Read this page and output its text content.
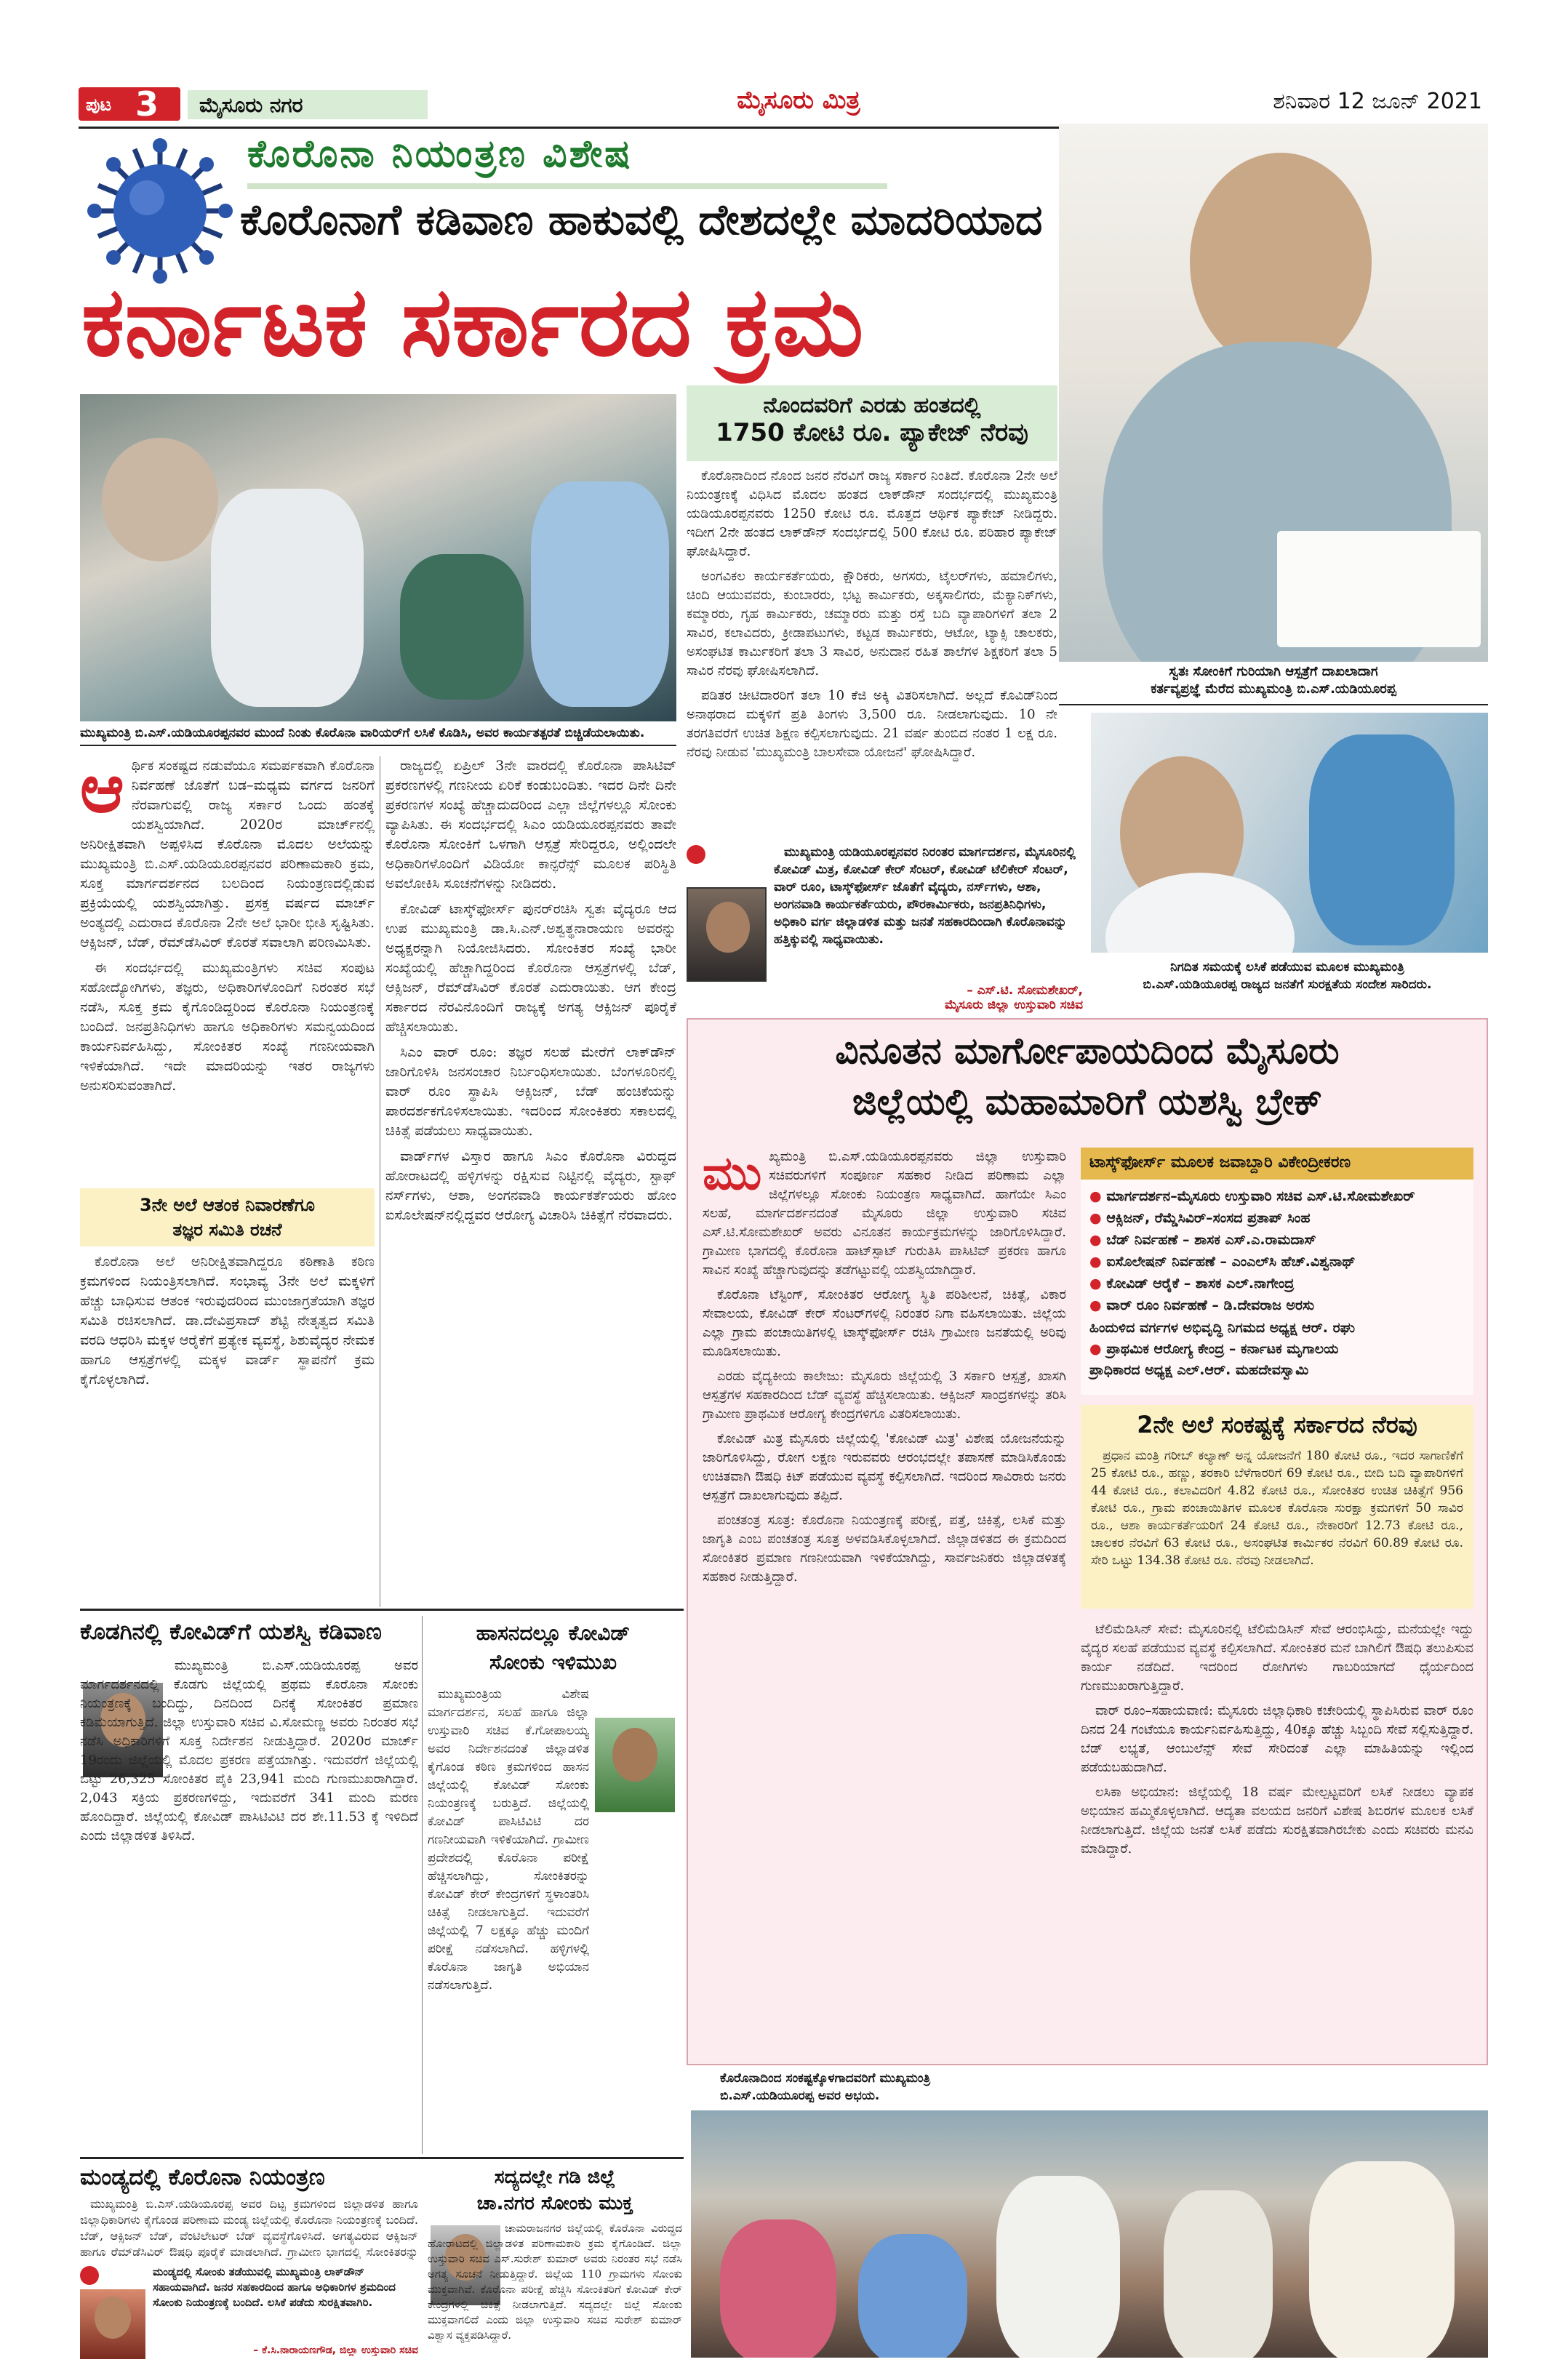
ಪುಟ 3	ಮೈಸೂರು ನಗರ	ಮೈಸೂರು ಮಿತ್ರ	ಶನಿವಾರ 12 ಜೂನ್ 2021
ಕೊರೊನಾ ನಿಯಂತ್ರಣ ವಿಶೇಷ
ಕೊರೊನಾಗೆ ಕಡಿವಾಣ ಹಾಕುವಲ್ಲಿ ದೇಶದಲ್ಲೇ ಮಾದರಿಯಾದ
ಕರ್ನಾಟಕ ಸರ್ಕಾರದ ಕ್ರಮ
ಸ್ವತಃ ಸೋಂಕಿಗೆ ಗುರಿಯಾಗಿ ಆಸ್ಪತ್ರೆಗೆ ದಾಖಲಾದಾಗ
ಕರ್ತವ್ಯಪ್ರಜ್ಞೆ ಮೆರೆದ ಮುಖ್ಯಮಂತ್ರಿ ಬಿ.ಎಸ್.ಯಡಿಯೂರಪ್ಪ
ಮುಖ್ಯಮಂತ್ರಿ ಬಿ.ಎಸ್.ಯಡಿಯೂರಪ್ಪನವರ ಮುಂದೆ ನಿಂತು ಕೊರೊನಾ ವಾರಿಯರ್‌ಗೆ ಲಸಿಕೆ ಕೊಡಿಸಿ, ಅವರ ಕಾರ್ಯತತ್ಪರತೆ ಬಿಚ್ಚಿಡೆಯಲಾಯಿತು.
ನೊಂದವರಿಗೆ ಎರಡು ಹಂತದಲ್ಲಿ
1750 ಕೋಟಿ ರೂ. ಪ್ಯಾಕೇಜ್ ನೆರವು

ಕೊರೊನಾದಿಂದ ನೊಂದ ಜನರ ನೆರವಿಗೆ ರಾಜ್ಯ ಸರ್ಕಾರ ನಿಂತಿದೆ. ಕೊರೊನಾ 2ನೇ ಅಲೆ ನಿಯಂತ್ರಣಕ್ಕೆ ವಿಧಿಸಿದ ಮೊದಲ ಹಂತದ ಲಾಕ್‌ಡೌನ್ ಸಂದರ್ಭದಲ್ಲಿ ಮುಖ್ಯಮಂತ್ರಿ ಯಡಿಯೂರಪ್ಪನವರು 1250 ಕೋಟಿ ರೂ. ಮೊತ್ತದ ಆರ್ಥಿಕ ಪ್ಯಾಕೇಜ್ ನೀಡಿದ್ದರು. ಇದೀಗ 2ನೇ ಹಂತದ ಲಾಕ್‌ಡೌನ್ ಸಂದರ್ಭದಲ್ಲಿ 500 ಕೋಟಿ ರೂ. ಪರಿಹಾರ ಪ್ಯಾಕೇಜ್ ಘೋಷಿಸಿದ್ದಾರೆ.

ಅಂಗವಿಕಲ ಕಾರ್ಯಕರ್ತೆಯರು, ಕ್ಷೌರಿಕರು, ಅಗಸರು, ಟೈಲರ್‌ಗಳು, ಹಮಾಲಿಗಳು, ಚಿಂದಿ ಆಯುವವರು, ಕುಂಬಾರರು, ಭಟ್ಟ ಕಾರ್ಮಿಕರು, ಅಕ್ಕಸಾಲಿಗರು, ಮೆಕ್ಯಾನಿಕ್‌ಗಳು, ಕಮ್ಮಾರರು, ಗೃಹ ಕಾರ್ಮಿಕರು, ಚಮ್ಮಾರರು ಮತ್ತು ರಸ್ತೆ ಬದಿ ವ್ಯಾಪಾರಿಗಳಿಗೆ ತಲಾ 2 ಸಾವಿರ, ಕಲಾವಿದರು, ಕ್ರೀಡಾಪಟುಗಳು, ಕಟ್ಟಡ ಕಾರ್ಮಿಕರು, ಆಟೋ, ಟ್ಯಾಕ್ಸಿ ಚಾಲಕರು, ಅಸಂಘಟಿತ ಕಾರ್ಮಿಕರಿಗೆ ತಲಾ 3 ಸಾವಿರ, ಅನುದಾನ ರಹಿತ ಶಾಲೆಗಳ ಶಿಕ್ಷಕರಿಗೆ ತಲಾ 5 ಸಾವಿರ ನೆರವು ಘೋಷಿಸಲಾಗಿದೆ.

ಪಡಿತರ ಚೀಟಿದಾರರಿಗೆ ತಲಾ 10 ಕೆಜಿ ಅಕ್ಕಿ ವಿತರಿಸಲಾಗಿದೆ. ಅಲ್ಲದೆ ಕೊವಿಡ್‌ನಿಂದ ಅನಾಥರಾದ ಮಕ್ಕಳಿಗೆ ಪ್ರತಿ ತಿಂಗಳು 3,500 ರೂ. ನೀಡಲಾಗುವುದು. 10 ನೇ ತರಗತಿವರೆಗೆ ಉಚಿತ ಶಿಕ್ಷಣ ಕಲ್ಪಿಸಲಾಗುವುದು. 21 ವರ್ಷ ತುಂಬಿದ ನಂತರ 1 ಲಕ್ಷ ರೂ. ನೆರವು ನೀಡುವ 'ಮುಖ್ಯಮಂತ್ರಿ ಬಾಲಸೇವಾ ಯೋಜನೆ' ಘೋಷಿಸಿದ್ದಾರೆ.

ನಿಗದಿತ ಸಮಯಕ್ಕೆ ಲಸಿಕೆ ಪಡೆಯುವ ಮೂಲಕ ಮುಖ್ಯಮಂತ್ರಿ
ಬಿ.ಎಸ್.ಯಡಿಯೂರಪ್ಪ ರಾಜ್ಯದ ಜನತೆಗೆ ಸುರಕ್ಷತೆಯ ಸಂದೇಶ ಸಾರಿದರು.
ಮುಖ್ಯಮಂತ್ರಿ ಯಡಿಯೂರಪ್ಪನವರ ನಿರಂತರ ಮಾರ್ಗದರ್ಶನ, ಮೈಸೂರಿನಲ್ಲಿ ಕೋವಿಡ್ ಮಿತ್ರ, ಕೋವಿಡ್ ಕೇರ್ ಸೆಂಟರ್, ಕೋವಿಡ್ ಟೆಲಿಕೇರ್ ಸೆಂಟರ್, ವಾರ್ ರೂಂ, ಟಾಸ್ಕ್‌ಫೋರ್ಸ್ ಜೊತೆಗೆ ವೈದ್ಯರು, ನರ್ಸ್‌ಗಳು, ಆಶಾ, ಅಂಗನವಾಡಿ ಕಾರ್ಯಕರ್ತೆಯರು, ಪೌರಕಾರ್ಮಿಕರು, ಜನಪ್ರತಿನಿಧಿಗಳು, ಅಧಿಕಾರಿ ವರ್ಗ ಜಿಲ್ಲಾಡಳಿತ ಮತ್ತು ಜನತೆ ಸಹಕಾರದಿಂದಾಗಿ ಕೊರೊನಾವನ್ನು ಹತ್ತಿಕ್ಕುವಲ್ಲಿ ಸಾಧ್ಯವಾಯಿತು.
– ಎಸ್.ಟಿ. ಸೋಮಶೇಖರ್,
ಮೈಸೂರು ಜಿಲ್ಲಾ ಉಸ್ತುವಾರಿ ಸಚಿವ
ಆ ರ್ಥಿಕ ಸಂಕಷ್ಟದ ನಡುವೆಯೂ ಸಮರ್ಪಕವಾಗಿ ಕೊರೊನಾ ನಿರ್ವಹಣೆ ಜೊತೆಗೆ ಬಡ–ಮಧ್ಯಮ ವರ್ಗದ ಜನರಿಗೆ ನೆರವಾಗುವಲ್ಲಿ ರಾಜ್ಯ ಸರ್ಕಾರ ಒಂದು ಹಂತಕ್ಕೆ ಯಶಸ್ವಿಯಾಗಿದೆ. 2020ರ ಮಾರ್ಚ್‌ನಲ್ಲಿ ಅನಿರೀಕ್ಷಿತವಾಗಿ ಅಪ್ಪಳಿಸಿದ ಕೊರೊನಾ ಮೊದಲ ಅಲೆಯನ್ನು ಮುಖ್ಯಮಂತ್ರಿ ಬಿ.ಎಸ್.ಯಡಿಯೂರಪ್ಪನವರ ಪರಿಣಾಮಕಾರಿ ಕ್ರಮ, ಸೂಕ್ತ ಮಾರ್ಗದರ್ಶನದ ಬಲದಿಂದ ನಿಯಂತ್ರಣದಲ್ಲಿಡುವ ಪ್ರಕ್ರಿಯೆಯಲ್ಲಿ ಯಶಸ್ವಿಯಾಗಿತ್ತು. ಪ್ರಸಕ್ತ ವರ್ಷದ ಮಾರ್ಚ್ ಅಂತ್ಯದಲ್ಲಿ ಎದುರಾದ ಕೊರೊನಾ 2ನೇ ಅಲೆ ಭಾರೀ ಭೀತಿ ಸೃಷ್ಟಿಸಿತು. ಆಕ್ಸಿಜನ್, ಬೆಡ್, ರೆಮ್‌ಡೆಸಿವಿರ್ ಕೊರತೆ ಸವಾಲಾಗಿ ಪರಿಣಮಿಸಿತು.

ಈ ಸಂದರ್ಭದಲ್ಲಿ ಮುಖ್ಯಮಂತ್ರಿಗಳು ಸಚಿವ ಸಂಪುಟ ಸಹೋದ್ಯೋಗಿಗಳು, ತಜ್ಞರು, ಅಧಿಕಾರಿಗಳೊಂದಿಗೆ ನಿರಂತರ ಸಭೆ ನಡೆಸಿ, ಸೂಕ್ತ ಕ್ರಮ ಕೈಗೊಂಡಿದ್ದರಿಂದ ಕೊರೊನಾ ನಿಯಂತ್ರಣಕ್ಕೆ ಬಂದಿದೆ. ಜನಪ್ರತಿನಿಧಿಗಳು ಹಾಗೂ ಅಧಿಕಾರಿಗಳು ಸಮನ್ವಯದಿಂದ ಕಾರ್ಯನಿರ್ವಹಿಸಿದ್ದು, ಸೋಂಕಿತರ ಸಂಖ್ಯೆ ಗಣನೀಯವಾಗಿ ಇಳಿಕೆಯಾಗಿದೆ. ಇದೇ ಮಾದರಿಯನ್ನು ಇತರ ರಾಜ್ಯಗಳು ಅನುಸರಿಸುವಂತಾಗಿದೆ.

3ನೇ ಅಲೆ ಆತಂಕ ನಿವಾರಣೆಗೂ
ತಜ್ಞರ ಸಮಿತಿ ರಚನೆ
ಕೊರೊನಾ ಅಲೆ ಅನಿರೀಕ್ಷಿತವಾಗಿದ್ದರೂ ಕಠಿಣಾತಿ ಕಠಿಣ ಕ್ರಮಗಳಿಂದ ನಿಯಂತ್ರಿಸಲಾಗಿದೆ. ಸಂಭಾವ್ಯ 3ನೇ ಅಲೆ ಮಕ್ಕಳಿಗೆ ಹೆಚ್ಚು ಬಾಧಿಸುವ ಆತಂಕ ಇರುವುದರಿಂದ ಮುಂಜಾಗ್ರತೆಯಾಗಿ ತಜ್ಞರ ಸಮಿತಿ ರಚಿಸಲಾಗಿದೆ. ಡಾ.ದೇವಿಪ್ರಸಾದ್ ಶೆಟ್ಟಿ ನೇತೃತ್ವದ ಸಮಿತಿ ವರದಿ ಆಧರಿಸಿ ಮಕ್ಕಳ ಆರೈಕೆಗೆ ಪ್ರತ್ಯೇಕ ವ್ಯವಸ್ಥೆ, ಶಿಶುವೈದ್ಯರ ನೇಮಕ ಹಾಗೂ ಆಸ್ಪತ್ರೆಗಳಲ್ಲಿ ಮಕ್ಕಳ ವಾರ್ಡ್ ಸ್ಥಾಪನೆಗೆ ಕ್ರಮ ಕೈಗೊಳ್ಳಲಾಗಿದೆ.

ರಾಜ್ಯದಲ್ಲಿ ಏಪ್ರಿಲ್ 3ನೇ ವಾರದಲ್ಲಿ ಕೊರೊನಾ ಪಾಸಿಟಿವ್ ಪ್ರಕರಣಗಳಲ್ಲಿ ಗಣನೀಯ ಏರಿಕೆ ಕಂಡುಬಂದಿತು. ಇದರ ದಿನೇ ದಿನೇ ಪ್ರಕರಣಗಳ ಸಂಖ್ಯೆ ಹೆಚ್ಚಾದುದರಿಂದ ಎಲ್ಲಾ ಜಿಲ್ಲೆಗಳಲ್ಲೂ ಸೋಂಕು ವ್ಯಾಪಿಸಿತು. ಈ ಸಂದರ್ಭದಲ್ಲಿ ಸಿಎಂ ಯಡಿಯೂರಪ್ಪನವರು ತಾವೇ ಕೊರೊನಾ ಸೋಂಕಿಗೆ ಒಳಗಾಗಿ ಆಸ್ಪತ್ರೆ ಸೇರಿದ್ದರೂ, ಅಲ್ಲಿಂದಲೇ ಅಧಿಕಾರಿಗಳೊಂದಿಗೆ ವಿಡಿಯೋ ಕಾನ್ಫರೆನ್ಸ್ ಮೂಲಕ ಪರಿಸ್ಥಿತಿ ಅವಲೋಕಿಸಿ ಸೂಚನೆಗಳನ್ನು ನೀಡಿದರು.

ಕೋವಿಡ್ ಟಾಸ್ಕ್‌ಫೋರ್ಸ್ ಪುನರ್‌ರಚಿಸಿ ಸ್ವತಃ ವೈದ್ಯರೂ ಆದ ಉಪ ಮುಖ್ಯಮಂತ್ರಿ ಡಾ.ಸಿ.ಎನ್.ಅಶ್ವತ್ಥನಾರಾಯಣ ಅವರನ್ನು ಅಧ್ಯಕ್ಷರನ್ನಾಗಿ ನಿಯೋಜಿಸಿದರು. ಸೋಂಕಿತರ ಸಂಖ್ಯೆ ಭಾರೀ ಸಂಖ್ಯೆಯಲ್ಲಿ ಹೆಚ್ಚಾಗಿದ್ದರಿಂದ ಕೊರೊನಾ ಆಸ್ಪತ್ರೆಗಳಲ್ಲಿ ಬೆಡ್, ಆಕ್ಸಿಜನ್, ರೆಮ್‌ಡೆಸಿವಿರ್ ಕೊರತೆ ಎದುರಾಯಿತು. ಆಗ ಕೇಂದ್ರ ಸರ್ಕಾರದ ನೆರವಿನೊಂದಿಗೆ ರಾಜ್ಯಕ್ಕೆ ಅಗತ್ಯ ಆಕ್ಸಿಜನ್ ಪೂರೈಕೆ ಹೆಚ್ಚಿಸಲಾಯಿತು.

ಸಿಎಂ ವಾರ್ ರೂಂ: ತಜ್ಞರ ಸಲಹೆ ಮೇರೆಗೆ ಲಾಕ್‌ಡೌನ್ ಜಾರಿಗೊಳಿಸಿ ಜನಸಂಚಾರ ನಿರ್ಬಂಧಿಸಲಾಯಿತು. ಬೆಂಗಳೂರಿನಲ್ಲಿ ವಾರ್ ರೂಂ ಸ್ಥಾಪಿಸಿ ಆಕ್ಸಿಜನ್, ಬೆಡ್ ಹಂಚಿಕೆಯನ್ನು ಪಾರದರ್ಶಕಗೊಳಿಸಲಾಯಿತು. ಇದರಿಂದ ಸೋಂಕಿತರು ಸಕಾಲದಲ್ಲಿ ಚಿಕಿತ್ಸೆ ಪಡೆಯಲು ಸಾಧ್ಯವಾಯಿತು.

ವಾರ್ಡ್‌ಗಳ ವಿಸ್ತಾರ ಹಾಗೂ ಸಿಎಂ ಕೊರೊನಾ ವಿರುದ್ಧದ ಹೋರಾಟದಲ್ಲಿ ಹಳ್ಳಿಗಳನ್ನು ರಕ್ಷಿಸುವ ನಿಟ್ಟಿನಲ್ಲಿ ವೈದ್ಯರು, ಸ್ಟಾಫ್ ನರ್ಸ್‌ಗಳು, ಆಶಾ, ಅಂಗನವಾಡಿ ಕಾರ್ಯಕರ್ತೆಯರು ಹೋಂ ಐಸೊಲೇಷನ್‌ನಲ್ಲಿದ್ದವರ ಆರೋಗ್ಯ ವಿಚಾರಿಸಿ ಚಿಕಿತ್ಸೆಗೆ ನೆರವಾದರು.

ವಿನೂತನ ಮಾರ್ಗೋಪಾಯದಿಂದ ಮೈಸೂರು
ಜಿಲ್ಲೆಯಲ್ಲಿ ಮಹಾಮಾರಿಗೆ ಯಶಸ್ವಿ ಬ್ರೇಕ್
ಮು ಖ್ಯಮಂತ್ರಿ ಬಿ.ಎಸ್.ಯಡಿಯೂರಪ್ಪನವರು ಜಿಲ್ಲಾ ಉಸ್ತುವಾರಿ ಸಚಿವರುಗಳಿಗೆ ಸಂಪೂರ್ಣ ಸಹಕಾರ ನೀಡಿದ ಪರಿಣಾಮ ಎಲ್ಲಾ ಜಿಲ್ಲೆಗಳಲ್ಲೂ ಸೋಂಕು ನಿಯಂತ್ರಣ ಸಾಧ್ಯವಾಗಿದೆ. ಹಾಗೆಯೇ ಸಿಎಂ ಸಲಹೆ, ಮಾರ್ಗದರ್ಶನದಂತೆ ಮೈಸೂರು ಜಿಲ್ಲಾ ಉಸ್ತುವಾರಿ ಸಚಿವ ಎಸ್.ಟಿ.ಸೋಮಶೇಖರ್ ಅವರು ವಿನೂತನ ಕಾರ್ಯಕ್ರಮಗಳನ್ನು ಜಾರಿಗೊಳಿಸಿದ್ದಾರೆ. ಗ್ರಾಮೀಣ ಭಾಗದಲ್ಲಿ ಕೊರೊನಾ ಹಾಟ್‌ಸ್ಪಾಟ್ ಗುರುತಿಸಿ ಪಾಸಿಟಿವ್ ಪ್ರಕರಣ ಹಾಗೂ ಸಾವಿನ ಸಂಖ್ಯೆ ಹೆಚ್ಚಾಗುವುದನ್ನು ತಡೆಗಟ್ಟುವಲ್ಲಿ ಯಶಸ್ವಿಯಾಗಿದ್ದಾರೆ.

ಕೊರೊನಾ ಟೆಸ್ಟಿಂಗ್, ಸೋಂಕಿತರ ಆರೋಗ್ಯ ಸ್ಥಿತಿ ಪರಿಶೀಲನೆ, ಚಿಕಿತ್ಸೆ, ವಿಕಾರ ಸೇವಾಲಯ, ಕೋವಿಡ್ ಕೇರ್ ಸೆಂಟರ್‌ಗಳಲ್ಲಿ ನಿರಂತರ ನಿಗಾ ವಹಿಸಲಾಯಿತು. ಜಿಲ್ಲೆಯ ಎಲ್ಲಾ ಗ್ರಾಮ ಪಂಚಾಯಿತಿಗಳಲ್ಲಿ ಟಾಸ್ಕ್‌ಫೋರ್ಸ್ ರಚಿಸಿ ಗ್ರಾಮೀಣ ಜನತೆಯಲ್ಲಿ ಅರಿವು ಮೂಡಿಸಲಾಯಿತು.

ಎರಡು ವೈದ್ಯಕೀಯ ಕಾಲೇಜು: ಮೈಸೂರು ಜಿಲ್ಲೆಯಲ್ಲಿ 3 ಸರ್ಕಾರಿ ಆಸ್ಪತ್ರೆ, ಖಾಸಗಿ ಆಸ್ಪತ್ರೆಗಳ ಸಹಕಾರದಿಂದ ಬೆಡ್ ವ್ಯವಸ್ಥೆ ಹೆಚ್ಚಿಸಲಾಯಿತು. ಆಕ್ಸಿಜನ್ ಸಾಂದ್ರಕಗಳನ್ನು ತರಿಸಿ ಗ್ರಾಮೀಣ ಪ್ರಾಥಮಿಕ ಆರೋಗ್ಯ ಕೇಂದ್ರಗಳಿಗೂ ವಿತರಿಸಲಾಯಿತು.

ಕೋವಿಡ್ ಮಿತ್ರ ಮೈಸೂರು ಜಿಲ್ಲೆಯಲ್ಲಿ 'ಕೋವಿಡ್ ಮಿತ್ರ' ವಿಶೇಷ ಯೋಜನೆಯನ್ನು ಜಾರಿಗೊಳಿಸಿದ್ದು, ರೋಗ ಲಕ್ಷಣ ಇರುವವರು ಆರಂಭದಲ್ಲೇ ತಪಾಸಣೆ ಮಾಡಿಸಿಕೊಂಡು ಉಚಿತವಾಗಿ ಔಷಧಿ ಕಿಟ್ ಪಡೆಯುವ ವ್ಯವಸ್ಥೆ ಕಲ್ಪಿಸಲಾಗಿದೆ. ಇದರಿಂದ ಸಾವಿರಾರು ಜನರು ಆಸ್ಪತ್ರೆಗೆ ದಾಖಲಾಗುವುದು ತಪ್ಪಿದೆ.

ಪಂಚತಂತ್ರ ಸೂತ್ರ: ಕೊರೊನಾ ನಿಯಂತ್ರಣಕ್ಕೆ ಪರೀಕ್ಷೆ, ಪತ್ತೆ, ಚಿಕಿತ್ಸೆ, ಲಸಿಕೆ ಮತ್ತು ಜಾಗೃತಿ ಎಂಬ ಪಂಚತಂತ್ರ ಸೂತ್ರ ಅಳವಡಿಸಿಕೊಳ್ಳಲಾಗಿದೆ. ಜಿಲ್ಲಾಡಳಿತದ ಈ ಕ್ರಮದಿಂದ ಸೋಂಕಿತರ ಪ್ರಮಾಣ ಗಣನೀಯವಾಗಿ ಇಳಿಕೆಯಾಗಿದ್ದು, ಸಾರ್ವಜನಿಕರು ಜಿಲ್ಲಾಡಳಿತಕ್ಕೆ ಸಹಕಾರ ನೀಡುತ್ತಿದ್ದಾರೆ.

ಟಾಸ್ಕ್‌ಫೋರ್ಸ್ ಮೂಲಕ ಜವಾಬ್ದಾರಿ ವಿಕೇಂದ್ರೀಕರಣ
● ಮಾರ್ಗದರ್ಶನ–ಮೈಸೂರು ಉಸ್ತುವಾರಿ ಸಚಿವ ಎಸ್.ಟಿ.ಸೋಮಶೇಖರ್
● ಆಕ್ಸಿಜನ್, ರೆಮ್ಡೆಸಿವಿರ್–ಸಂಸದ ಪ್ರತಾಪ್ ಸಿಂಹ
● ಬೆಡ್ ನಿರ್ವಹಣೆ – ಶಾಸಕ ಎಸ್.ಎ.ರಾಮದಾಸ್
● ಐಸೊಲೇಷನ್ ನಿರ್ವಹಣೆ – ಎಂಎಲ್‌ಸಿ ಹೆಚ್.ವಿಶ್ವನಾಥ್
● ಕೋವಿಡ್ ಆರೈಕೆ – ಶಾಸಕ ಎಲ್.ನಾಗೇಂದ್ರ
● ವಾರ್ ರೂಂ ನಿರ್ವಹಣೆ – ಡಿ.ದೇವರಾಜ ಅರಸು
ಹಿಂದುಳಿದ ವರ್ಗಗಳ ಅಭಿವೃದ್ಧಿ ನಿಗಮದ ಅಧ್ಯಕ್ಷ ಆರ್. ರಘು
● ಪ್ರಾಥಮಿಕ ಆರೋಗ್ಯ ಕೇಂದ್ರ – ಕರ್ನಾಟಕ ಮೃಗಾಲಯ
ಪ್ರಾಧಿಕಾರದ ಅಧ್ಯಕ್ಷ ಎಲ್.ಆರ್. ಮಹದೇವಸ್ವಾಮಿ
2ನೇ ಅಲೆ ಸಂಕಷ್ಟಕ್ಕೆ ಸರ್ಕಾರದ ನೆರವು
ಪ್ರಧಾನ ಮಂತ್ರಿ ಗರೀಬ್ ಕಲ್ಯಾಣ್ ಅನ್ನ ಯೋಜನೆಗೆ 180 ಕೋಟಿ ರೂ., ಇದರ ಸಾಗಾಣಿಕೆಗೆ 25 ಕೋಟಿ ರೂ., ಹಣ್ಣು, ತರಕಾರಿ ಬೆಳೆಗಾರರಿಗೆ 69 ಕೋಟಿ ರೂ., ಬೀದಿ ಬದಿ ವ್ಯಾಪಾರಿಗಳಿಗೆ 44 ಕೋಟಿ ರೂ., ಕಲಾವಿದರಿಗೆ 4.82 ಕೋಟಿ ರೂ., ಸೋಂಕಿತರ ಉಚಿತ ಚಿಕಿತ್ಸೆಗೆ 956 ಕೋಟಿ ರೂ., ಗ್ರಾಮ ಪಂಚಾಯಿತಿಗಳ ಮೂಲಕ ಕೊರೊನಾ ಸುರಕ್ಷಾ ಕ್ರಮಗಳಿಗೆ 50 ಸಾವಿರ ರೂ., ಆಶಾ ಕಾರ್ಯಕರ್ತೆಯರಿಗೆ 24 ಕೋಟಿ ರೂ., ನೇಕಾರರಿಗೆ 12.73 ಕೋಟಿ ರೂ., ಚಾಲಕರ ನೆರವಿಗೆ 63 ಕೋಟಿ ರೂ., ಅಸಂಘಟಿತ ಕಾರ್ಮಿಕರ ನೆರವಿಗೆ 60.89 ಕೋಟಿ ರೂ. ಸೇರಿ ಒಟ್ಟು 134.38 ಕೋಟಿ ರೂ. ನೆರವು ನೀಡಲಾಗಿದೆ.

ಟೆಲಿಮೆಡಿಸಿನ್ ಸೇವೆ: ಮೈಸೂರಿನಲ್ಲಿ ಟೆಲಿಮೆಡಿಸಿನ್ ಸೇವೆ ಆರಂಭಿಸಿದ್ದು, ಮನೆಯಲ್ಲೇ ಇದ್ದು ವೈದ್ಯರ ಸಲಹೆ ಪಡೆಯುವ ವ್ಯವಸ್ಥೆ ಕಲ್ಪಿಸಲಾಗಿದೆ. ಸೋಂಕಿತರ ಮನೆ ಬಾಗಿಲಿಗೆ ಔಷಧಿ ತಲುಪಿಸುವ ಕಾರ್ಯ ನಡೆದಿದೆ. ಇದರಿಂದ ರೋಗಿಗಳು ಗಾಬರಿಯಾಗದೆ ಧೈರ್ಯದಿಂದ ಗುಣಮುಖರಾಗುತ್ತಿದ್ದಾರೆ.

ವಾರ್ ರೂಂ–ಸಹಾಯವಾಣಿ: ಮೈಸೂರು ಜಿಲ್ಲಾಧಿಕಾರಿ ಕಚೇರಿಯಲ್ಲಿ ಸ್ಥಾಪಿಸಿರುವ ವಾರ್ ರೂಂ ದಿನದ 24 ಗಂಟೆಯೂ ಕಾರ್ಯನಿರ್ವಹಿಸುತ್ತಿದ್ದು, 40ಕ್ಕೂ ಹೆಚ್ಚು ಸಿಬ್ಬಂದಿ ಸೇವೆ ಸಲ್ಲಿಸುತ್ತಿದ್ದಾರೆ. ಬೆಡ್ ಲಭ್ಯತೆ, ಆಂಬುಲೆನ್ಸ್ ಸೇವೆ ಸೇರಿದಂತೆ ಎಲ್ಲಾ ಮಾಹಿತಿಯನ್ನು ಇಲ್ಲಿಂದ ಪಡೆಯಬಹುದಾಗಿದೆ.

ಲಸಿಕಾ ಅಭಿಯಾನ: ಜಿಲ್ಲೆಯಲ್ಲಿ 18 ವರ್ಷ ಮೇಲ್ಪಟ್ಟವರಿಗೆ ಲಸಿಕೆ ನೀಡಲು ವ್ಯಾಪಕ ಅಭಿಯಾನ ಹಮ್ಮಿಕೊಳ್ಳಲಾಗಿದೆ. ಆದ್ಯತಾ ವಲಯದ ಜನರಿಗೆ ವಿಶೇಷ ಶಿಬಿರಗಳ ಮೂಲಕ ಲಸಿಕೆ ನೀಡಲಾಗುತ್ತಿದೆ. ಜಿಲ್ಲೆಯ ಜನತೆ ಲಸಿಕೆ ಪಡೆದು ಸುರಕ್ಷಿತವಾಗಿರಬೇಕು ಎಂದು ಸಚಿವರು ಮನವಿ ಮಾಡಿದ್ದಾರೆ.

ಕೊಡಗಿನಲ್ಲಿ ಕೋವಿಡ್‌ಗೆ ಯಶಸ್ವಿ ಕಡಿವಾಣ
ಮುಖ್ಯಮಂತ್ರಿ ಬಿ.ಎಸ್.ಯಡಿಯೂರಪ್ಪ ಅವರ ಮಾರ್ಗದರ್ಶನದಲ್ಲಿ ಕೊಡಗು ಜಿಲ್ಲೆಯಲ್ಲಿ ಪ್ರಥಮ ಕೊರೊನಾ ಸೋಂಕು ನಿಯಂತ್ರಣಕ್ಕೆ ಬಂದಿದ್ದು, ದಿನದಿಂದ ದಿನಕ್ಕೆ ಸೋಂಕಿತರ ಪ್ರಮಾಣ ಕಡಿಮೆಯಾಗುತ್ತಿದೆ. ಜಿಲ್ಲಾ ಉಸ್ತುವಾರಿ ಸಚಿವ ವಿ.ಸೋಮಣ್ಣ ಅವರು ನಿರಂತರ ಸಭೆ ನಡೆಸಿ ಅಧಿಕಾರಿಗಳಿಗೆ ಸೂಕ್ತ ನಿರ್ದೇಶನ ನೀಡುತ್ತಿದ್ದಾರೆ. 2020ರ ಮಾರ್ಚ್ 19ರಂದು ಜಿಲ್ಲೆಯಲ್ಲಿ ಮೊದಲ ಪ್ರಕರಣ ಪತ್ತೆಯಾಗಿತ್ತು. ಇದುವರೆಗೆ ಜಿಲ್ಲೆಯಲ್ಲಿ ಒಟ್ಟು 26,325 ಸೋಂಕಿತರ ಪೈಕಿ 23,941 ಮಂದಿ ಗುಣಮುಖರಾಗಿದ್ದಾರೆ. 2,043 ಸಕ್ರಿಯ ಪ್ರಕರಣಗಳಿದ್ದು, ಇದುವರೆಗೆ 341 ಮಂದಿ ಮರಣ ಹೊಂದಿದ್ದಾರೆ. ಜಿಲ್ಲೆಯಲ್ಲಿ ಕೋವಿಡ್ ಪಾಸಿಟಿವಿಟಿ ದರ ಶೇ.11.53 ಕ್ಕೆ ಇಳಿದಿದೆ ಎಂದು ಜಿಲ್ಲಾಡಳಿತ ತಿಳಿಸಿದೆ.
ಹಾಸನದಲ್ಲೂ ಕೋವಿಡ್
ಸೋಂಕು ಇಳಿಮುಖ
ಮುಖ್ಯಮಂತ್ರಿಯ ವಿಶೇಷ ಮಾರ್ಗದರ್ಶನ, ಸಲಹೆ ಹಾಗೂ ಜಿಲ್ಲಾ ಉಸ್ತುವಾರಿ ಸಚಿವ ಕೆ.ಗೋಪಾಲಯ್ಯ ಅವರ ನಿರ್ದೇಶನದಂತೆ ಜಿಲ್ಲಾಡಳಿತ ಕೈಗೊಂಡ ಕಠಿಣ ಕ್ರಮಗಳಿಂದ ಹಾಸನ ಜಿಲ್ಲೆಯಲ್ಲಿ ಕೋವಿಡ್ ಸೋಂಕು ನಿಯಂತ್ರಣಕ್ಕೆ ಬರುತ್ತಿದೆ. ಜಿಲ್ಲೆಯಲ್ಲಿ ಕೋವಿಡ್ ಪಾಸಿಟಿವಿಟಿ ದರ ಗಣನೀಯವಾಗಿ ಇಳಿಕೆಯಾಗಿದೆ. ಗ್ರಾಮೀಣ ಪ್ರದೇಶದಲ್ಲಿ ಕೊರೊನಾ ಪರೀಕ್ಷೆ ಹೆಚ್ಚಿಸಲಾಗಿದ್ದು, ಸೋಂಕಿತರನ್ನು ಕೋವಿಡ್ ಕೇರ್ ಕೇಂದ್ರಗಳಿಗೆ ಸ್ಥಳಾಂತರಿಸಿ ಚಿಕಿತ್ಸೆ ನೀಡಲಾಗುತ್ತಿದೆ. ಇದುವರೆಗೆ ಜಿಲ್ಲೆಯಲ್ಲಿ 7 ಲಕ್ಷಕ್ಕೂ ಹೆಚ್ಚು ಮಂದಿಗೆ ಪರೀಕ್ಷೆ ನಡೆಸಲಾಗಿದೆ. ಹಳ್ಳಿಗಳಲ್ಲಿ ಕೊರೊನಾ ಜಾಗೃತಿ ಅಭಿಯಾನ ನಡೆಸಲಾಗುತ್ತಿದೆ.
ಮಂಡ್ಯದಲ್ಲಿ ಕೊರೊನಾ ನಿಯಂತ್ರಣ
ಮುಖ್ಯಮಂತ್ರಿ ಬಿ.ಎಸ್.ಯಡಿಯೂರಪ್ಪ ಅವರ ದಿಟ್ಟ ಕ್ರಮಗಳಿಂದ ಜಿಲ್ಲಾಡಳಿತ ಹಾಗೂ ಜಿಲ್ಲಾಧಿಕಾರಿಗಳು ಕೈಗೊಂಡ ಪರಿಣಾಮ ಮಂಡ್ಯ ಜಿಲ್ಲೆಯಲ್ಲಿ ಕೊರೊನಾ ನಿಯಂತ್ರಣಕ್ಕೆ ಬಂದಿದೆ. ಬೆಡ್, ಆಕ್ಸಿಜನ್ ಬೆಡ್, ವೆಂಟಿಲೇಟರ್ ಬೆಡ್ ವ್ಯವಸ್ಥೆಗೊಳಿಸಿದೆ. ಅಗತ್ಯವಿರುವ ಆಕ್ಸಿಜನ್ ಹಾಗೂ ರೆಮ್‌ಡೆಸಿವಿರ್ ಔಷಧಿ ಪೂರೈಕೆ ಮಾಡಲಾಗಿದೆ. ಗ್ರಾಮೀಣ ಭಾಗದಲ್ಲಿ ಸೋಂಕಿತರನ್ನು
ಮಂಡ್ಯದಲ್ಲಿ ಸೋಂಕು ತಡೆಯುವಲ್ಲಿ ಮುಖ್ಯಮಂತ್ರಿ ಲಾಕ್‌ಡೌನ್ ಸಹಾಯವಾಗಿದೆ. ಜನರ ಸಹಕಾರದಿಂದ ಹಾಗೂ ಅಧಿಕಾರಿಗಳ ಶ್ರಮದಿಂದ ಸೋಂಕು ನಿಯಂತ್ರಣಕ್ಕೆ ಬಂದಿದೆ. ಲಸಿಕೆ ಪಡೆದು ಸುರಕ್ಷಿತವಾಗಿರಿ.
– ಕೆ.ಸಿ.ನಾರಾಯಣಗೌಡ, ಜಿಲ್ಲಾ ಉಸ್ತುವಾರಿ ಸಚಿವ
ಸದ್ಯದಲ್ಲೇ ಗಡಿ ಜಿಲ್ಲೆ
ಚಾ.ನಗರ ಸೋಂಕು ಮುಕ್ತ
ಚಾಮರಾಜನಗರ ಜಿಲ್ಲೆಯಲ್ಲಿ ಕೊರೊನಾ ವಿರುದ್ಧದ ಹೋರಾಟದಲ್ಲಿ ಜಿಲ್ಲಾಡಳಿತ ಪರಿಣಾಮಕಾರಿ ಕ್ರಮ ಕೈಗೊಂಡಿದೆ. ಜಿಲ್ಲಾ ಉಸ್ತುವಾರಿ ಸಚಿವ ಎಸ್.ಸುರೇಶ್ ಕುಮಾರ್ ಅವರು ನಿರಂತರ ಸಭೆ ನಡೆಸಿ ಅಗತ್ಯ ಸೂಚನೆ ನೀಡುತ್ತಿದ್ದಾರೆ. ಜಿಲ್ಲೆಯ 110 ಗ್ರಾಮಗಳು ಸೋಂಕು ಮುಕ್ತವಾಗಿವೆ. ಕೊರೊನಾ ಪರೀಕ್ಷೆ ಹೆಚ್ಚಿಸಿ ಸೋಂಕಿತರಿಗೆ ಕೋವಿಡ್ ಕೇರ್ ಕೇಂದ್ರಗಳಲ್ಲಿ ಚಿಕಿತ್ಸೆ ನೀಡಲಾಗುತ್ತಿದೆ. ಸದ್ಯದಲ್ಲೇ ಜಿಲ್ಲೆ ಸೋಂಕು ಮುಕ್ತವಾಗಲಿದೆ ಎಂದು ಜಿಲ್ಲಾ ಉಸ್ತುವಾರಿ ಸಚಿವ ಸುರೇಶ್ ಕುಮಾರ್ ವಿಶ್ವಾಸ ವ್ಯಕ್ತಪಡಿಸಿದ್ದಾರೆ.
ಕೊರೊನಾದಿಂದ ಸಂಕಷ್ಟಕ್ಕೊಳಗಾದವರಿಗೆ ಮುಖ್ಯಮಂತ್ರಿ
ಬಿ.ಎಸ್.ಯಡಿಯೂರಪ್ಪ ಅವರ ಅಭಯ.
